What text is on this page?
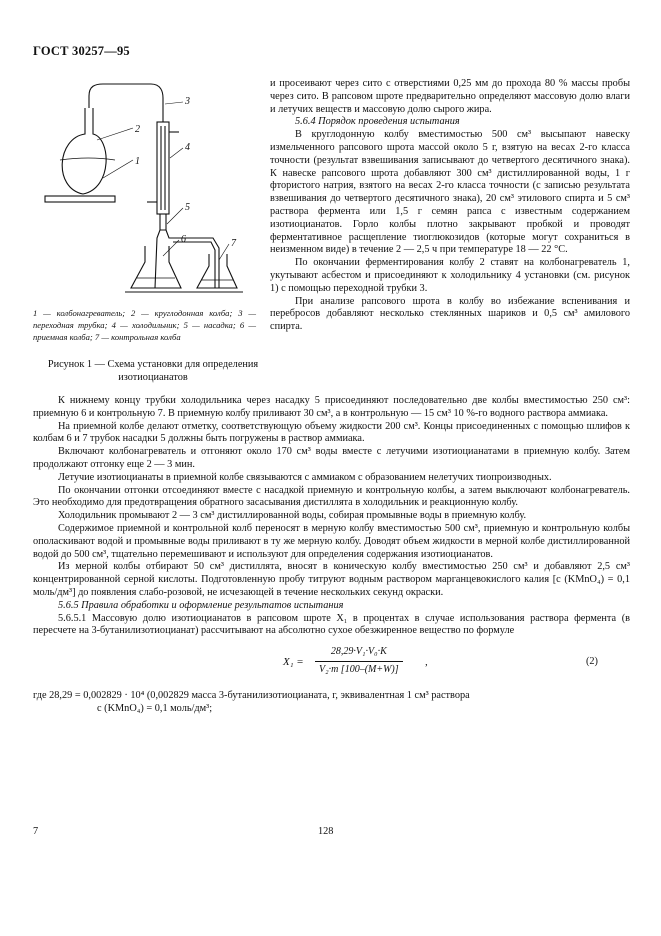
ГОСТ 30257—95
1
2
3
4
5
6	7
1 — колбонагреватель; 2 — круглодонная колба; 3 — переходная трубка; 4 — холодильник; 5 — насадка; 6 — приемная колба; 7 — контрольная колба
Рисунок 1 — Схема установки для определения изотиоцианатов

и просеивают через сито с отверстиями 0,25 мм до прохода 80 % массы пробы через сито. В рапсовом шроте предварительно определяют массовую долю влаги и летучих веществ и массовую долю сырого жира.

5.6.4 Порядок проведения испытания

В круглодонную колбу вместимостью 500 см³ высыпают навеску измельченного рапсового шрота массой около 5 г, взятую на весах 2-го класса точности (результат взвешивания записывают до четвертого десятичного знака). К навеске рапсового шрота добавляют 300 см³ дистиллированной воды, 1 г фтористого натрия, взятого на весах 2-го класса точности (с записью результата взвешивания до четвертого десятичного знака), 20 см³ этилового спирта и 5 см³ раствора фермента или 1,5 г семян рапса с известным содержанием изотиоцианатов. Горло колбы плотно закрывают пробкой и проводят ферментативное расщепление тиоглюкозидов (которые могут сохраниться в неизменном виде) в течение 2 — 2,5 ч при температуре 18 — 22 °С.

По окончании ферментирования колбу 2 ставят на колбонагреватель 1, укутывают асбестом и присоединяют к холодильнику 4 установки (см. рисунок 1) с помощью переходной трубки 3.

При анализе рапсового шрота в колбу во избежание вспенивания и перебросов добавляют несколько стеклянных шариков и 0,5 см³ амилового спирта.

К нижнему концу трубки холодильника через насадку 5 присоединяют последовательно две колбы вместимостью 250 см³: приемную 6 и контрольную 7. В приемную колбу приливают 30 см³, а в контрольную — 15 см³ 10 %-го водного раствора аммиака.

На приемной колбе делают отметку, соответствующую объему жидкости 200 см³. Концы присоединенных с помощью шлифов к колбам 6 и 7 трубок насадки 5 должны быть погружены в раствор аммиака.

Включают колбонагреватель и отгоняют около 170 см³ воды вместе с летучими изотиоцианатами в приемную колбу. Затем продолжают отгонку еще 2 — 3 мин.

Летучие изотиоцианаты в приемной колбе связываются с аммиаком с образованием нелетучих тиопроизводных.

По окончании отгонки отсоединяют вместе с насадкой приемную и контрольную колбы, а затем выключают колбонагреватель. Это необходимо для предотвращения обратного засасывания дистиллята в холодильник и реакционную колбу.

Холодильник промывают 2 — 3 см³ дистиллированной воды, собирая промывные воды в приемную колбу.

Содержимое приемной и контрольной колб переносят в мерную колбу вместимостью 500 см³, приемную и контрольную колбы ополаскивают водой и промывные воды приливают в ту же мерную колбу. Доводят объем жидкости в мерной колбе дистиллированной водой до 500 см³, тщательно перемешивают и используют для определения содержания изотиоцианатов.

Из мерной колбы отбирают 50 см³ дистиллята, вносят в коническую колбу вместимостью 250 см³ и добавляют 2,5 см³ концентрированной серной кислоты. Подготовленную пробу титруют водным раствором марганцевокислого калия [с (KMnO₄) = 0,1 моль/дм³] до появления слабо-розовой, не исчезающей в течение нескольких секунд окраски.

5.6.5 Правила обработки и оформление результатов испытания

5.6.5.1 Массовую долю изотиоцианатов в рапсовом шроте X₁ в процентах в случае использования раствора фермента (в пересчете на 3-бутанилизотиоцианат) рассчитывают на абсолютно сухое обезжиренное вещество по формуле

X₁ =
28,29·V₁·V₀·K
V₂·m [100–(M+W)]
,	(2)

где 28,29 = 0,002829 · 10⁴ (0,002829 масса 3-бутанилизотиоцианата, г, эквивалентная 1 см³ раствора

с (KMnO₄) = 0,1 моль/дм³;

7	128
